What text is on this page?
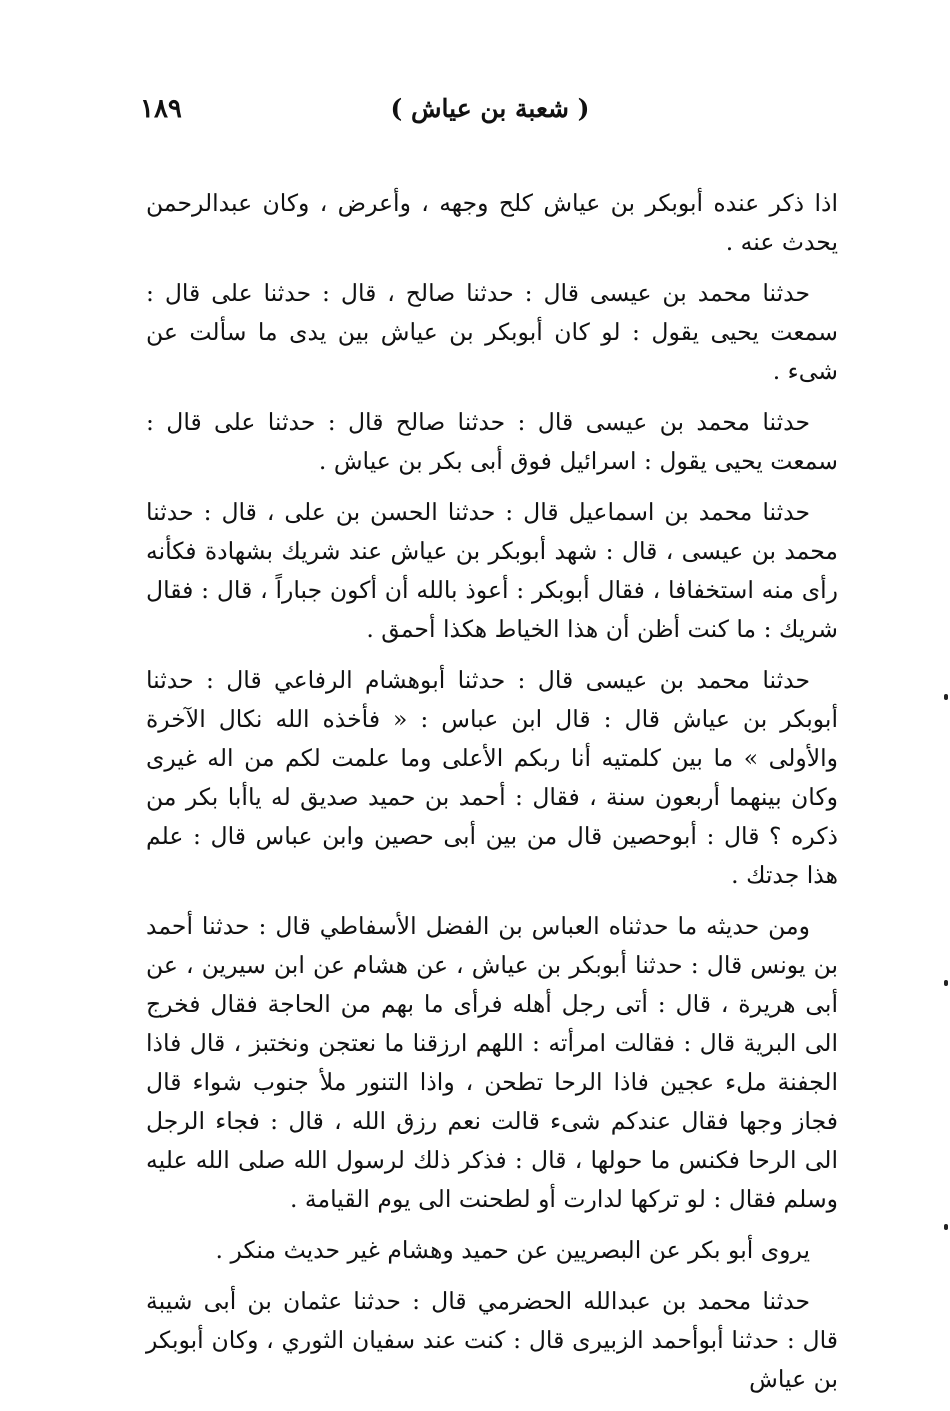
١٨٩	( شعبة بن عياش )

اذا ذكر عنده أبوبكر بن عياش كلح وجهه ، وأعرض ، وكان عبدالرحمن يحدث عنه .

حدثنا محمد بن عيسى قال : حدثنا صالح ، قال : حدثنا على قال : سمعت يحيى يقول : لو كان أبوبكر بن عياش بين يدى ما سألت عن شىء .

حدثنا محمد بن عيسى قال : حدثنا صالح قال : حدثنا على قال : سمعت يحيى يقول : اسرائيل فوق أبى بكر بن عياش .

حدثنا محمد بن اسماعيل قال : حدثنا الحسن بن على ، قال : حدثنا محمد بن عيسى ، قال : شهد أبوبكر بن عياش عند شريك بشهادة فكأنه رأى منه استخفافا ، فقال أبوبكر : أعوذ بالله أن أكون جباراً ، قال : فقال شريك : ما كنت أظن أن هذا الخياط هكذا أحمق .

حدثنا محمد بن عيسى قال : حدثنا أبوهشام الرفاعي قال : حدثنا أبوبكر بن عياش قال : قال ابن عباس : « فأخذه الله نكال الآخرة والأولى » ما بين كلمتيه أنا ربكم الأعلى وما علمت لكم من اله غيرى وكان بينهما أربعون سنة ، فقال : أحمد بن حميد صديق له ياأبا بكر من ذكره ؟ قال : أبوحصين قال من بين أبى حصين وابن عباس قال : علم هذا جدتك .

ومن حديثه ما حدثناه العباس بن الفضل الأسفاطي قال : حدثنا أحمد بن يونس قال : حدثنا أبوبكر بن عياش ، عن هشام عن ابن سيرين ، عن أبى هريرة ، قال : أتى رجل أهله فرأى ما بهم من الحاجة فقال فخرج الى البرية قال : فقالت امرأته : اللهم ارزقنا ما نعتجن ونختبز ، قال فاذا الجفنة ملء عجين فاذا الرحا تطحن ، واذا التنور ملأ جنوب شواء قال فجاز وجها فقال عندكم شىء قالت نعم رزق الله ، قال : فجاء الرجل الى الرحا فكنس ما حولها ، قال : فذكر ذلك لرسول الله صلى الله عليه وسلم فقال : لو تركها لدارت أو لطحنت الى يوم القيامة .

يروى أبو بكر عن البصريين عن حميد وهشام غير حديث منكر .

حدثنا محمد بن عبدالله الحضرمي قال : حدثنا عثمان بن أبى شيبة قال : حدثنا أبوأحمد الزبيرى قال : كنت عند سفيان الثوري ، وكان أبوبكر بن عياش
